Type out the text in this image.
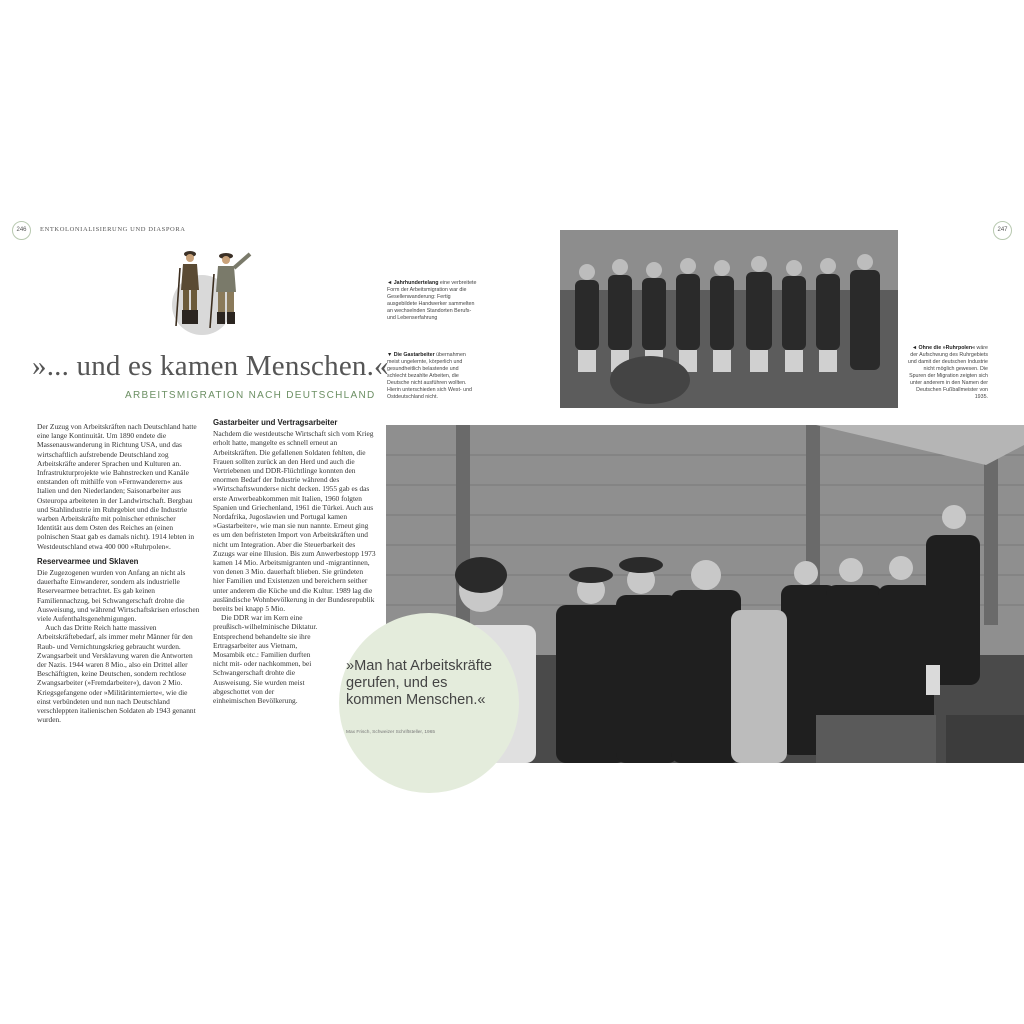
246	ENTKOLONIALISIERUNG UND DIASPORA	247
»... und es kamen Menschen.«
ARBEITSMIGRATION NACH DEUTSCHLAND

Der Zuzug von Arbeitskräften nach Deutschland hatte eine lange Kontinuität. Um 1890 endete die Massenauswanderung in Richtung USA, und das wirtschaftlich aufstrebende Deutschland zog Arbeitskräfte anderer Sprachen und Kulturen an. Infrastrukturprojekte wie Bahnstrecken und Kanäle entstanden oft mithilfe von »Fernwanderern« aus Italien und den Niederlanden; Saisonarbeiter aus Osteuropa arbeiteten in der Landwirtschaft. Bergbau und Stahlindustrie im Ruhrgebiet und die Industrie warben Arbeitskräfte mit polnischer ethnischer Identität aus dem Osten des Reiches an (einen polnischen Staat gab es damals nicht). 1914 lebten in Westdeutschland etwa 400 000 »Ruhrpolen«.

Reservearmee und Sklaven

Die Zugezogenen wurden von Anfang an nicht als dauerhafte Einwanderer, sondern als industrielle Reservearmee betrachtet. Es gab keinen Familiennachzug, bei Schwangerschaft drohte die Ausweisung, und während Wirtschaftskrisen erloschen viele Aufenthaltsgenehmigungen.

Auch das Dritte Reich hatte massiven Arbeitskräftebedarf, als immer mehr Männer für den Raub- und Vernichtungskrieg gebraucht wurden. Zwangsarbeit und Versklavung waren die Antworten der Nazis. 1944 waren 8 Mio., also ein Drittel aller Beschäftigten, keine Deutschen, sondern rechtlose Zwangsarbeiter (»Fremdarbeiter«), davon 2 Mio. Kriegsgefangene oder »Militärinternierte«, wie die einst verbündeten und nun nach Deutschland verschleppten italienischen Soldaten ab 1943 genannt wurden.

Gastarbeiter und Vertragsarbeiter

Nachdem die westdeutsche Wirtschaft sich vom Krieg erholt hatte, mangelte es schnell erneut an Arbeitskräften. Die gefallenen Soldaten fehlten, die Frauen sollten zurück an den Herd und auch die Vertriebenen und DDR-Flüchtlinge konnten den enormen Bedarf der Industrie während des »Wirtschaftswunders« nicht decken. 1955 gab es das erste Anwerbeabkommen mit Italien, 1960 folgten Spanien und Griechenland, 1961 die Türkei. Auch aus Nordafrika, Jugoslawien und Portugal kamen »Gastarbeiter«, wie man sie nun nannte. Erneut ging es um den befristeten Import von Arbeitskräften und nicht um Integration. Aber die Steuerbarkeit des Zuzugs war eine Illusion. Bis zum Anwerbestopp 1973 kamen 14 Mio. Arbeitsmigranten und -migrantinnen, von denen 3 Mio. dauerhaft blieben. Sie gründeten hier Familien und Existenzen und bereichern seither unter anderem die Küche und die Kultur. 1989 lag die ausländische Wohnbevölkerung in der Bundesrepublik bereits bei knapp 5 Mio.

Die DDR war im Kern eine preußisch-wilhelminische Diktatur. Entsprechend behandelte sie ihre Ertragsarbeiter aus Vietnam, Mosambik etc.: Familien durften nicht mit- oder nachkommen, bei Schwangerschaft drohte die Ausweisung. Sie wurden meist abgeschottet von der einheimischen Bevölkerung.

◄ Jahrhundertelang eine verbreitete Form der Arbeitsmigration war die Gesellenwanderung: Fertig ausgebildete Handwerker sammelten an wechselnden Standorten Berufs- und Lebenserfahrung
▼ Die Gastarbeiter übernahmen meist ungelernte, körperlich und gesundheitlich belastende und schlecht bezahlte Arbeiten, die Deutsche nicht ausführen wollten. Hierin unterschieden sich West- und Ostdeutschland nicht.
◄ Ohne die »Ruhrpolen« wäre der Aufschwung des Ruhrgebiets und damit der deutschen Industrie nicht möglich gewesen. Die Spuren der Migration zeigten sich unter anderem in den Namen der Deutschen Fußballmeister von 1935.
»Man hat Arbeitskräfte gerufen, und es kommen Menschen.«
Max Frisch, Schweizer Schriftsteller, 1965
